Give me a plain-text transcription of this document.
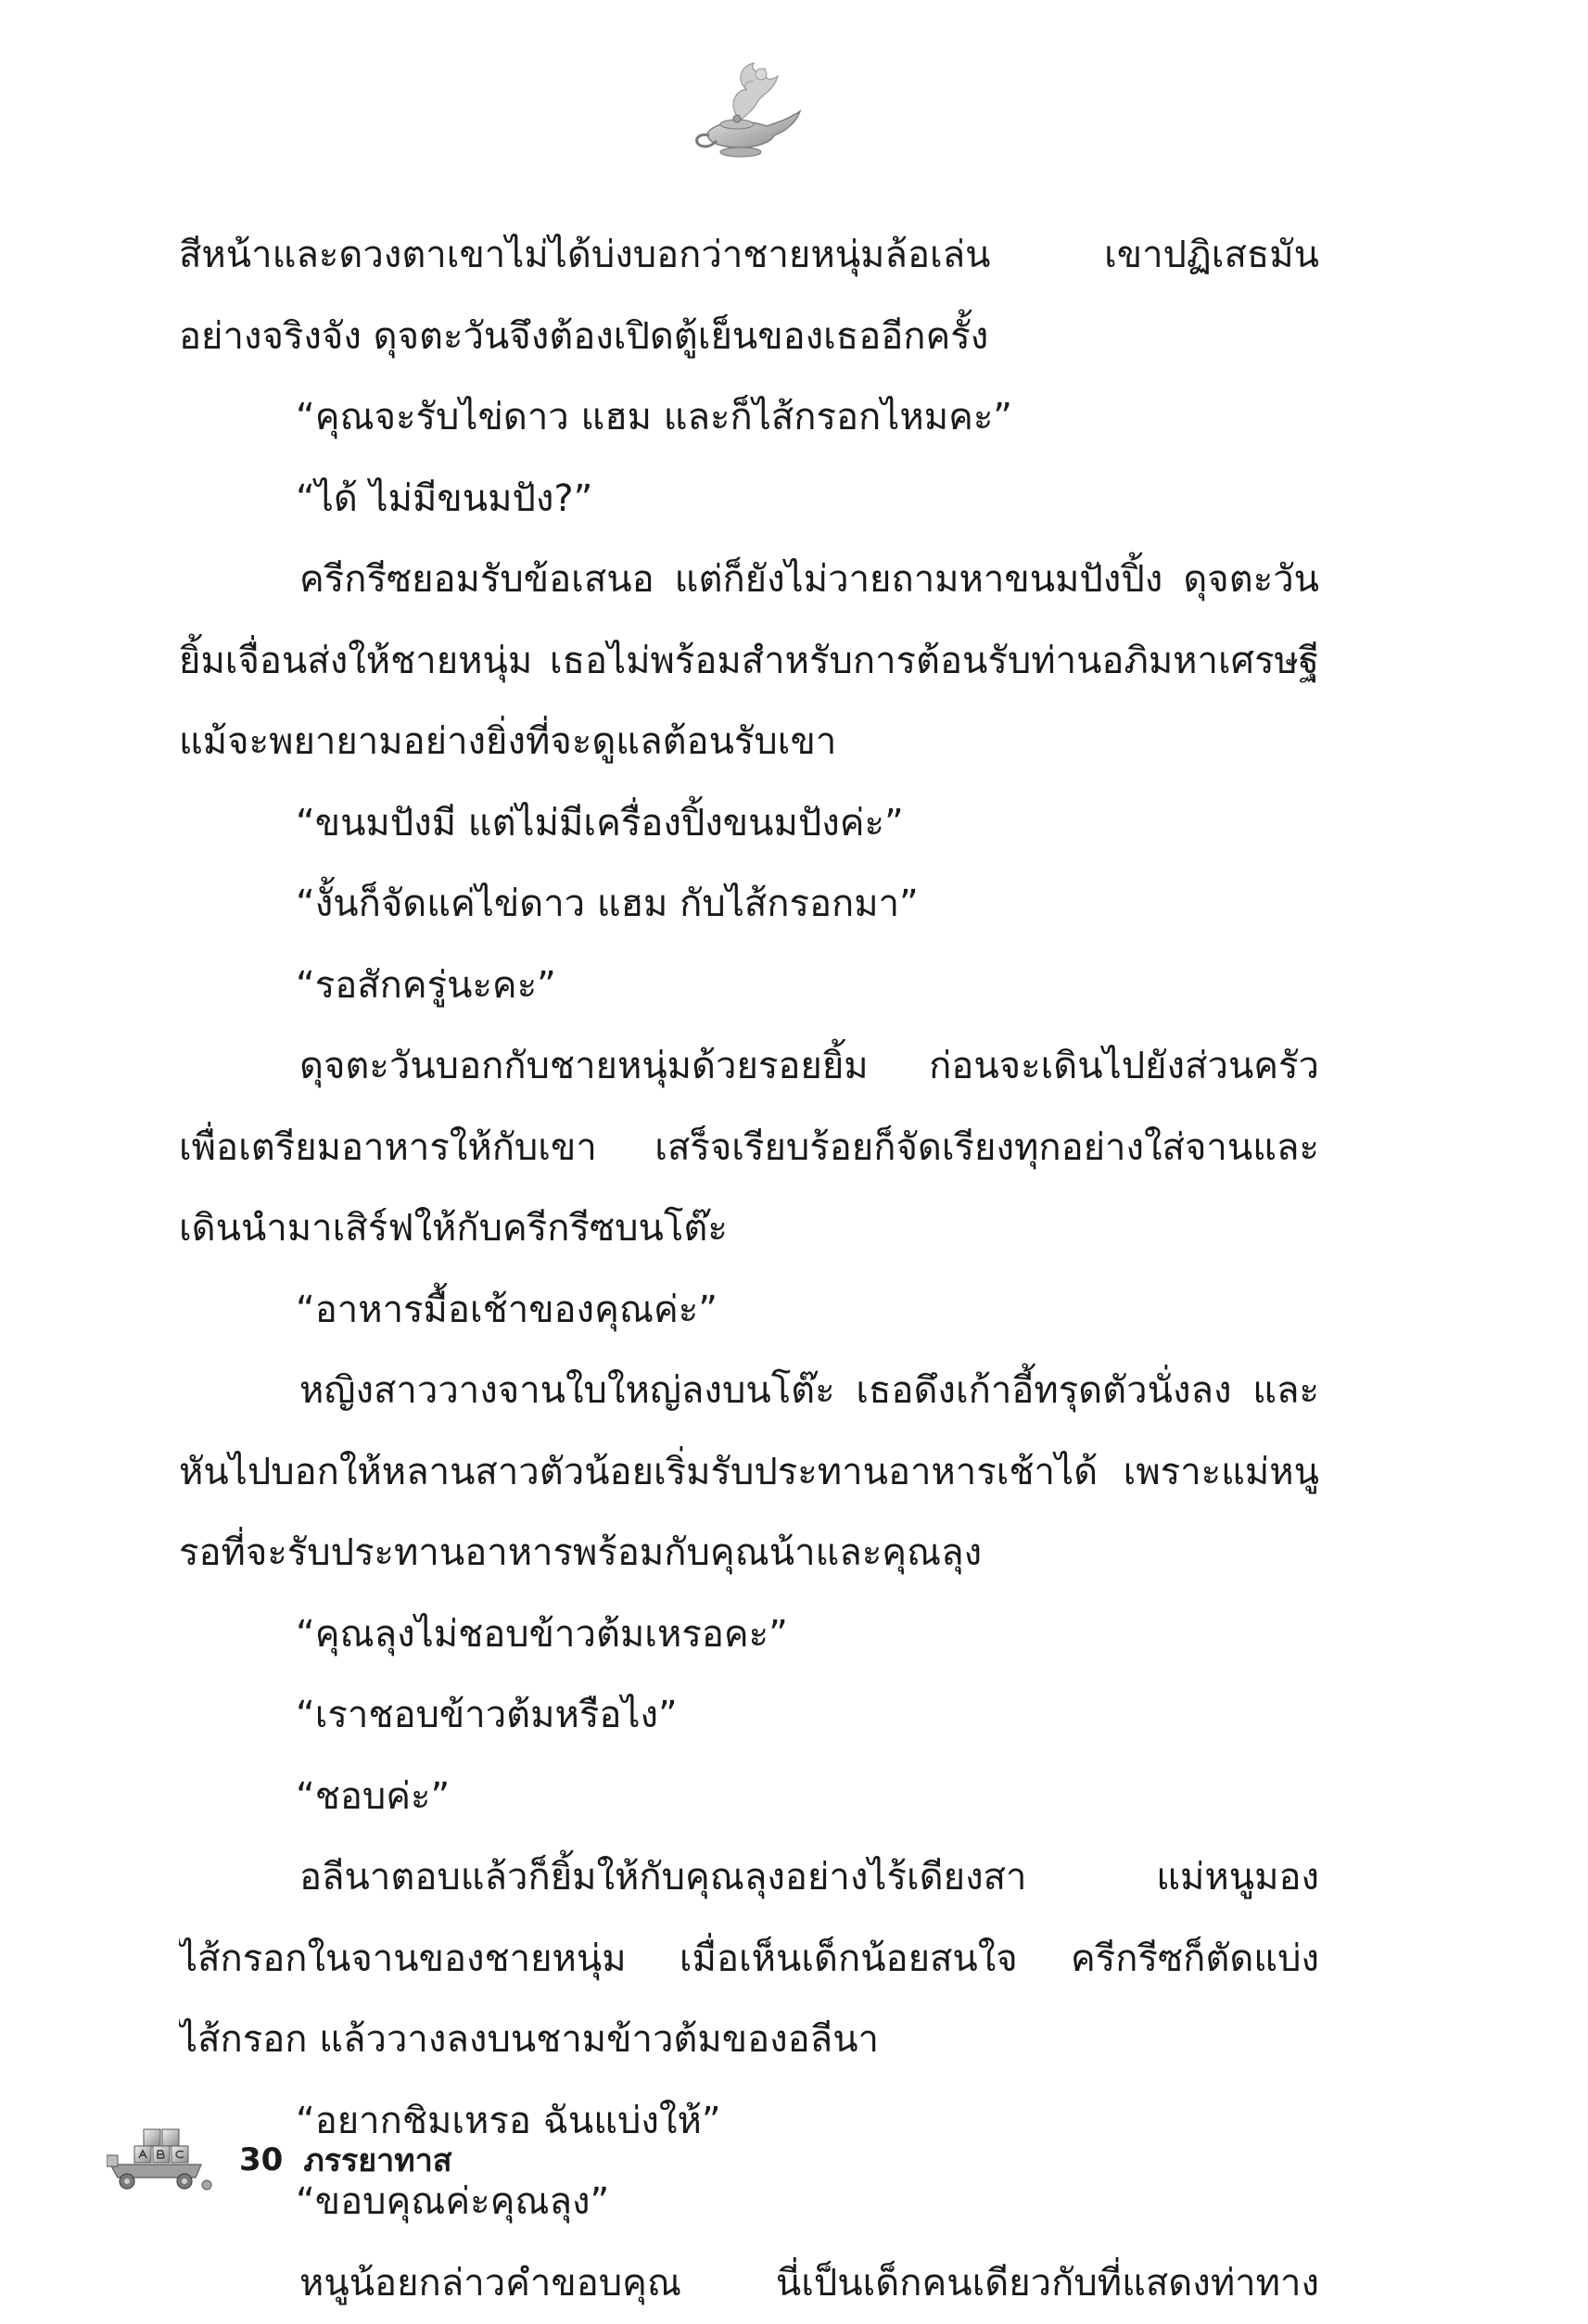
สีหน้าและดวงตาเขาไม่ได้บ่งบอกว่าชายหนุ่มล้อเล่น เขาปฏิเสธมัน
อย่างจริงจัง ดุจตะวันจึงต้องเปิดตู้เย็นของเธออีกครั้ง
“คุณจะรับไข่ดาว แฮม และก็ไส้กรอกไหมคะ”
“ได้ ไม่มีขนมปัง?”
ครีกรีซยอมรับข้อเสนอ แต่ก็ยังไม่วายถามหาขนมปังปิ้ง ดุจตะวัน
ยิ้มเจื่อนส่งให้ชายหนุ่ม เธอไม่พร้อมสำหรับการต้อนรับท่านอภิมหาเศรษฐี
แม้จะพยายามอย่างยิ่งที่จะดูแลต้อนรับเขา
“ขนมปังมี แต่ไม่มีเครื่องปิ้งขนมปังค่ะ”
“งั้นก็จัดแค่ไข่ดาว แฮม กับไส้กรอกมา”
“รอสักครู่นะคะ”
ดุจตะวันบอกกับชายหนุ่มด้วยรอยยิ้ม ก่อนจะเดินไปยังส่วนครัว
เพื่อเตรียมอาหารให้กับเขา เสร็จเรียบร้อยก็จัดเรียงทุกอย่างใส่จานและ
เดินนำมาเสิร์ฟให้กับครีกรีซบนโต๊ะ
“อาหารมื้อเช้าของคุณค่ะ”
หญิงสาววางจานใบใหญ่ลงบนโต๊ะ เธอดึงเก้าอี้ทรุดตัวนั่งลง และ
หันไปบอกให้หลานสาวตัวน้อยเริ่มรับประทานอาหารเช้าได้ เพราะแม่หนู
รอที่จะรับประทานอาหารพร้อมกับคุณน้าและคุณลุง
“คุณลุงไม่ชอบข้าวต้มเหรอคะ”
“เราชอบข้าวต้มหรือไง”
“ชอบค่ะ”
อลีนาตอบแล้วก็ยิ้มให้กับคุณลุงอย่างไร้เดียงสา แม่หนูมอง
ไส้กรอกในจานของชายหนุ่ม เมื่อเห็นเด็กน้อยสนใจ ครีกรีซก็ตัดแบ่ง
ไส้กรอก แล้ววางลงบนชามข้าวต้มของอลีนา
“อยากชิมเหรอ ฉันแบ่งให้”
“ขอบคุณค่ะคุณลุง”
หนูน้อยกล่าวคำขอบคุณ นี่เป็นเด็กคนเดียวกับที่แสดงท่าทาง
30 ภรรยาทาส
